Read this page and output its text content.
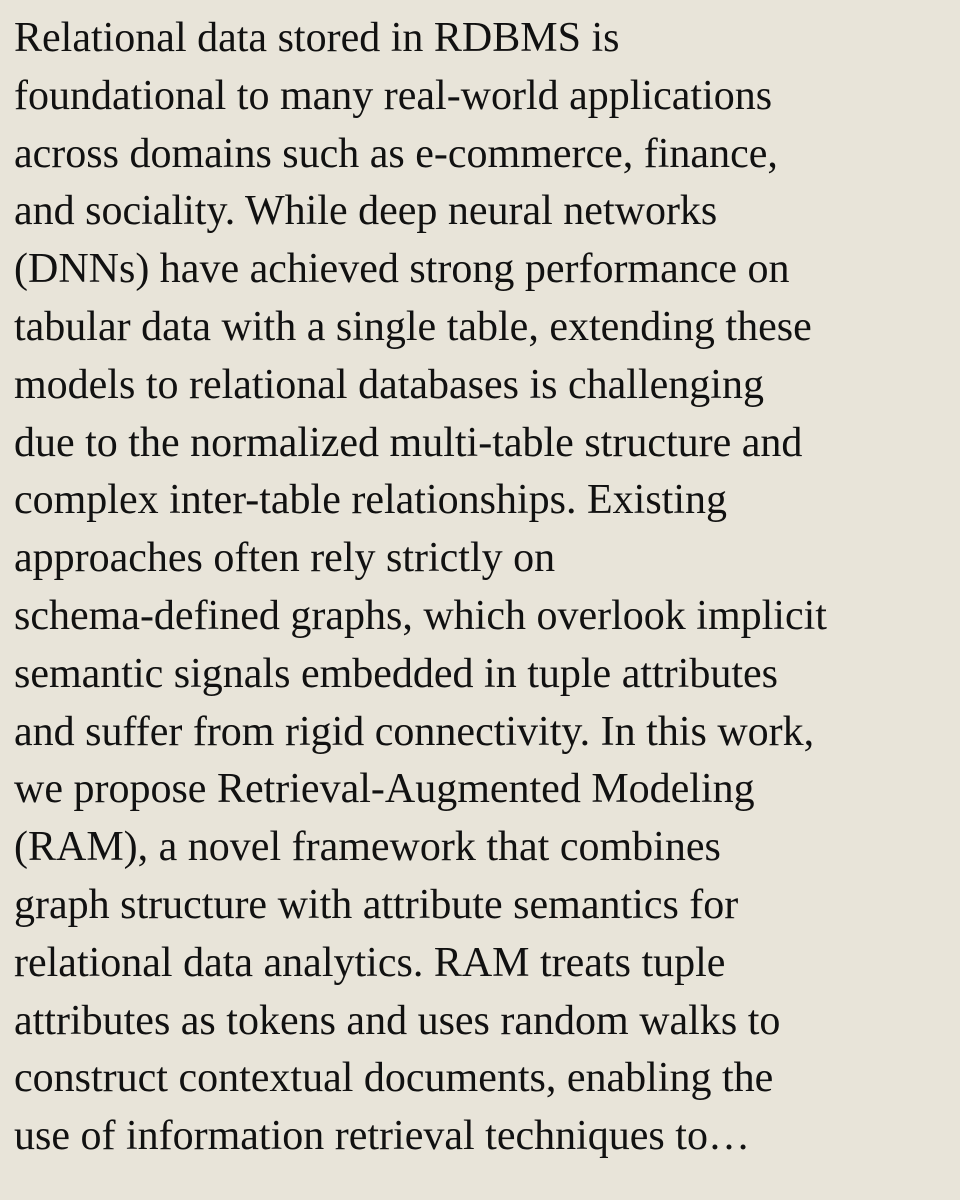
Relational data stored in RDBMS is
foundational to many real-world applications
across domains such as e-commerce, finance,
and sociality. While deep neural networks
(DNNs) have achieved strong performance on
tabular data with a single table, extending these
models to relational databases is challenging
due to the normalized multi-table structure and
complex inter-table relationships. Existing
approaches often rely strictly on
schema-defined graphs, which overlook implicit
semantic signals embedded in tuple attributes
and suffer from rigid connectivity. In this work,
we propose Retrieval-Augmented Modeling
(RAM), a novel framework that combines
graph structure with attribute semantics for
relational data analytics. RAM treats tuple
attributes as tokens and uses random walks to
construct contextual documents, enabling the
use of information retrieval techniques to…
